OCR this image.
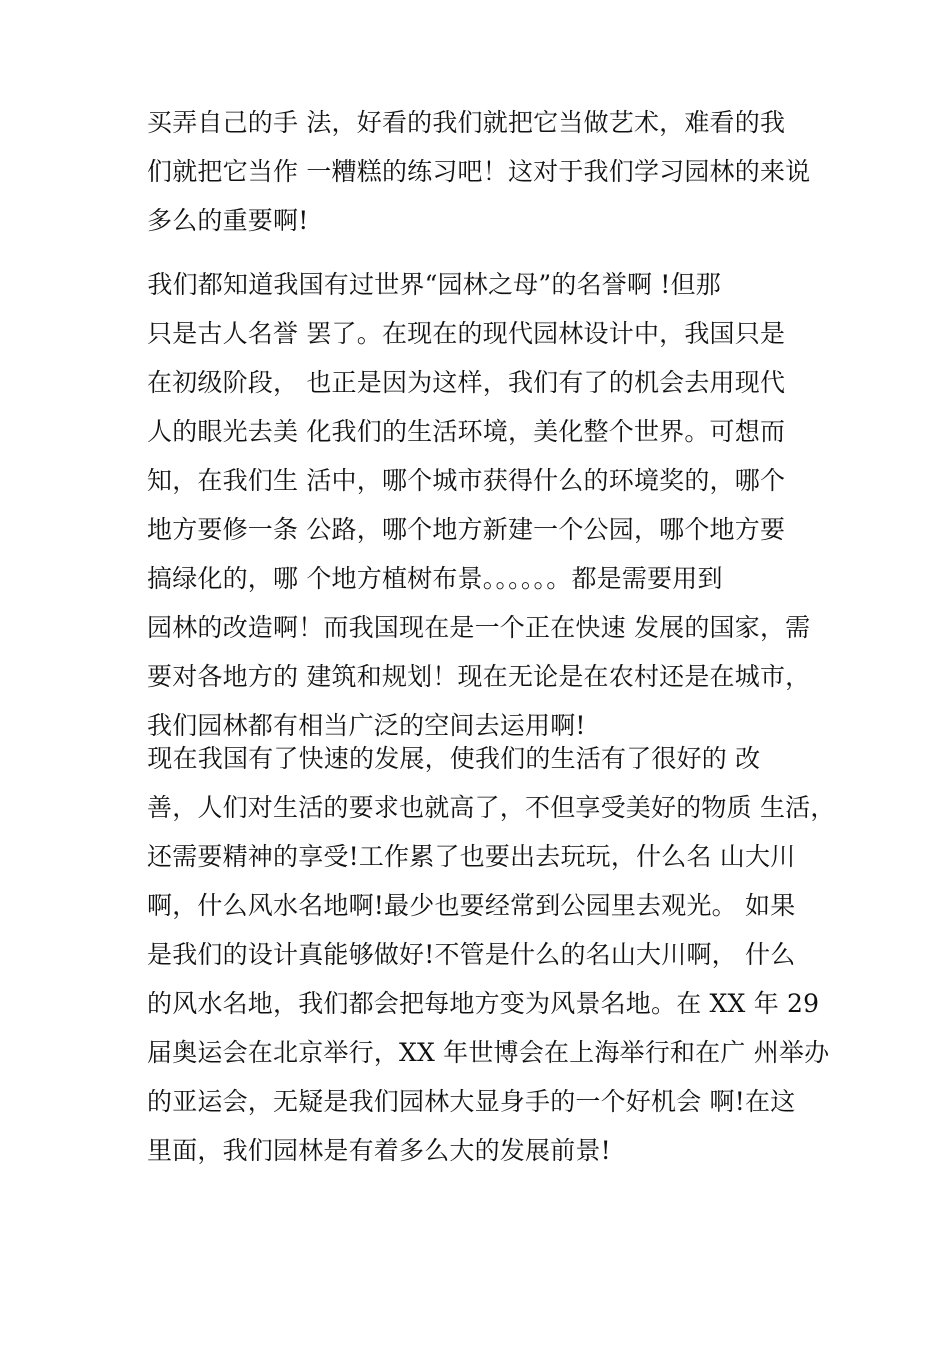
买弄自己的手 法，好看的我们就把它当做艺术，难看的我
们就把它当作 一糟糕的练习吧！这对于我们学习园林的来说
多么的重要啊!
　　我们都知道我国有过世界“园林之母”的名誉啊 !但那
只是古人名誉 罢了。在现在的现代园林设计中，我国只是
在初级阶段， 也正是因为这样，我们有了的机会去用现代
人的眼光去美 化我们的生活环境，美化整个世界。可想而
知，在我们生 活中，哪个城市获得什么的环境奖的，哪个
地方要修一条 公路，哪个地方新建一个公园，哪个地方要
搞绿化的，哪 个地方植树布景。。。。。。都是需要用到
园林的改造啊！而我国现在是一个正在快速 发展的国家，需
要对各地方的 建筑和规划！现在无论是在农村还是在城市，
我们园林都有相当广泛的空间去运用啊!
　　现在我国有了快速的发展，使我们的生活有了很好的 改
善，人们对生活的要求也就高了，不但享受美好的物质 生活，
还需要精神的享受!工作累了也要出去玩玩，什么名 山大川
啊，什么风水名地啊!最少也要经常到公园里去观光。 如果
是我们的设计真能够做好!不管是什么的名山大川啊， 什么
的风水名地，我们都会把每地方变为风景名地。在 XX 年 29
届奥运会在北京举行，XX 年世博会在上海举行和在广 州举办
的亚运会，无疑是我们园林大显身手的一个好机会 啊!在这
里面，我们园林是有着多么大的发展前景!
